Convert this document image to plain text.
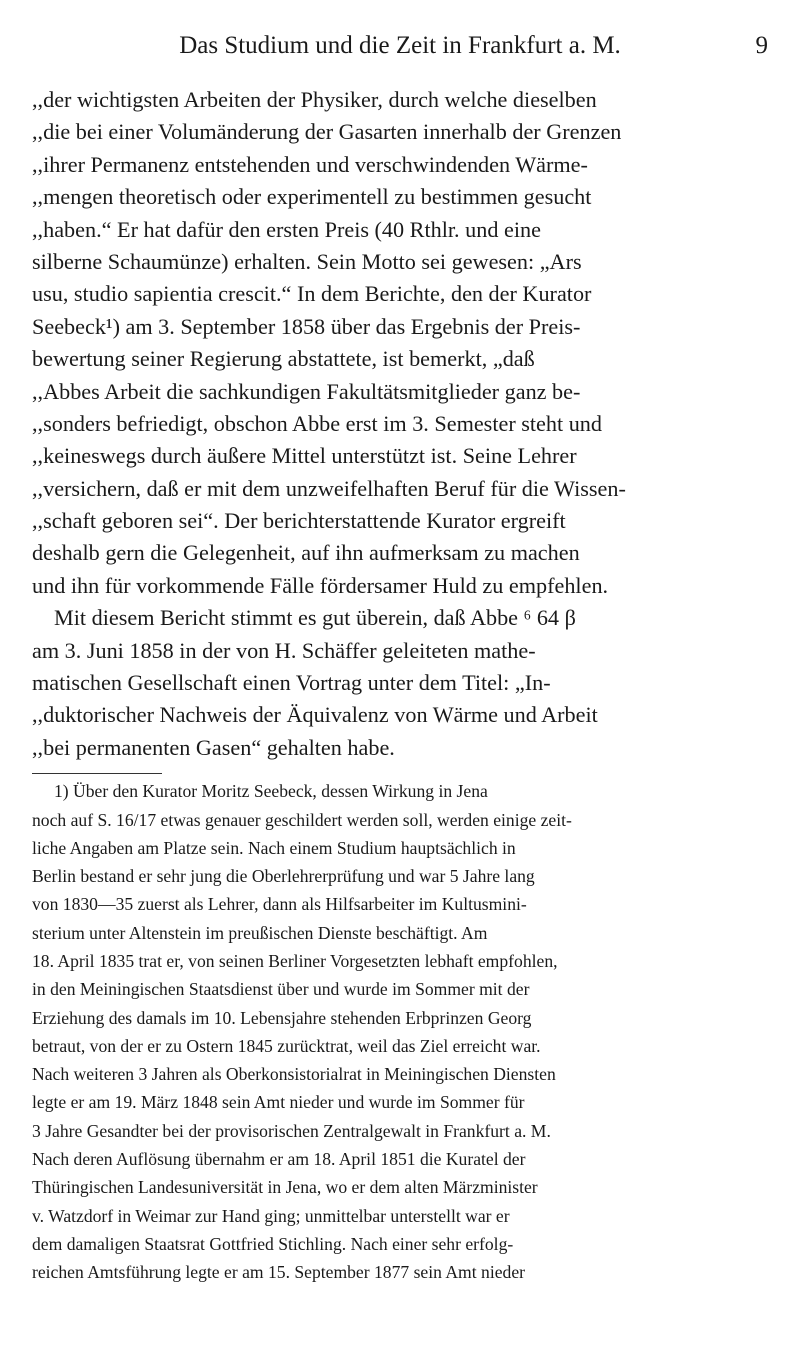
Das Studium und die Zeit in Frankfurt a. M.	9
,,der wichtigsten Arbeiten der Physiker, durch welche dieselben
,,die bei einer Volumänderung der Gasarten innerhalb der Grenzen
,,ihrer Permanenz entstehenden und verschwindenden Wärme-
,,mengen theoretisch oder experimentell zu bestimmen gesucht
,,haben.“ Er hat dafür den ersten Preis (40 Rthlr. und eine
silberne Schaumünze) erhalten. Sein Motto sei gewesen: „Ars
usu, studio sapientia crescit.“ In dem Berichte, den der Kurator
Seebeck¹) am 3. September 1858 über das Ergebnis der Preis-
bewertung seiner Regierung abstattete, ist bemerkt, „daß
,,Abbes Arbeit die sachkundigen Fakultätsmitglieder ganz be-
,,sonders befriedigt, obschon Abbe erst im 3. Semester steht und
,,keineswegs durch äußere Mittel unterstützt ist. Seine Lehrer
,,versichern, daß er mit dem unzweifelhaften Beruf für die Wissen-
,,schaft geboren sei“. Der berichterstattende Kurator ergreift
deshalb gern die Gelegenheit, auf ihn aufmerksam zu machen
und ihn für vorkommende Fälle fördersamer Huld zu empfehlen.
Mit diesem Bericht stimmt es gut überein, daß Abbe ⁶ 64 β
am 3. Juni 1858 in der von H. Schäffer geleiteten mathe-
matischen Gesellschaft einen Vortrag unter dem Titel: „In-
,,duktorischer Nachweis der Äquivalenz von Wärme und Arbeit
,,bei permanenten Gasen“ gehalten habe.
1) Über den Kurator Moritz Seebeck, dessen Wirkung in Jena
noch auf S. 16/17 etwas genauer geschildert werden soll, werden einige zeit-
liche Angaben am Platze sein. Nach einem Studium hauptsächlich in
Berlin bestand er sehr jung die Oberlehrerprüfung und war 5 Jahre lang
von 1830—35 zuerst als Lehrer, dann als Hilfsarbeiter im Kultusmini-
sterium unter Altenstein im preußischen Dienste beschäftigt. Am
18. April 1835 trat er, von seinen Berliner Vorgesetzten lebhaft empfohlen,
in den Meiningischen Staatsdienst über und wurde im Sommer mit der
Erziehung des damals im 10. Lebensjahre stehenden Erbprinzen Georg
betraut, von der er zu Ostern 1845 zurücktrat, weil das Ziel erreicht war.
Nach weiteren 3 Jahren als Oberkonsistorialrat in Meiningischen Diensten
legte er am 19. März 1848 sein Amt nieder und wurde im Sommer für
3 Jahre Gesandter bei der provisorischen Zentralgewalt in Frankfurt a. M.
Nach deren Auflösung übernahm er am 18. April 1851 die Kuratel der
Thüringischen Landesuniversität in Jena, wo er dem alten Märzminister
v. Watzdorf in Weimar zur Hand ging; unmittelbar unterstellt war er
dem damaligen Staatsrat Gottfried Stichling. Nach einer sehr erfolg-
reichen Amtsführung legte er am 15. September 1877 sein Amt nieder
